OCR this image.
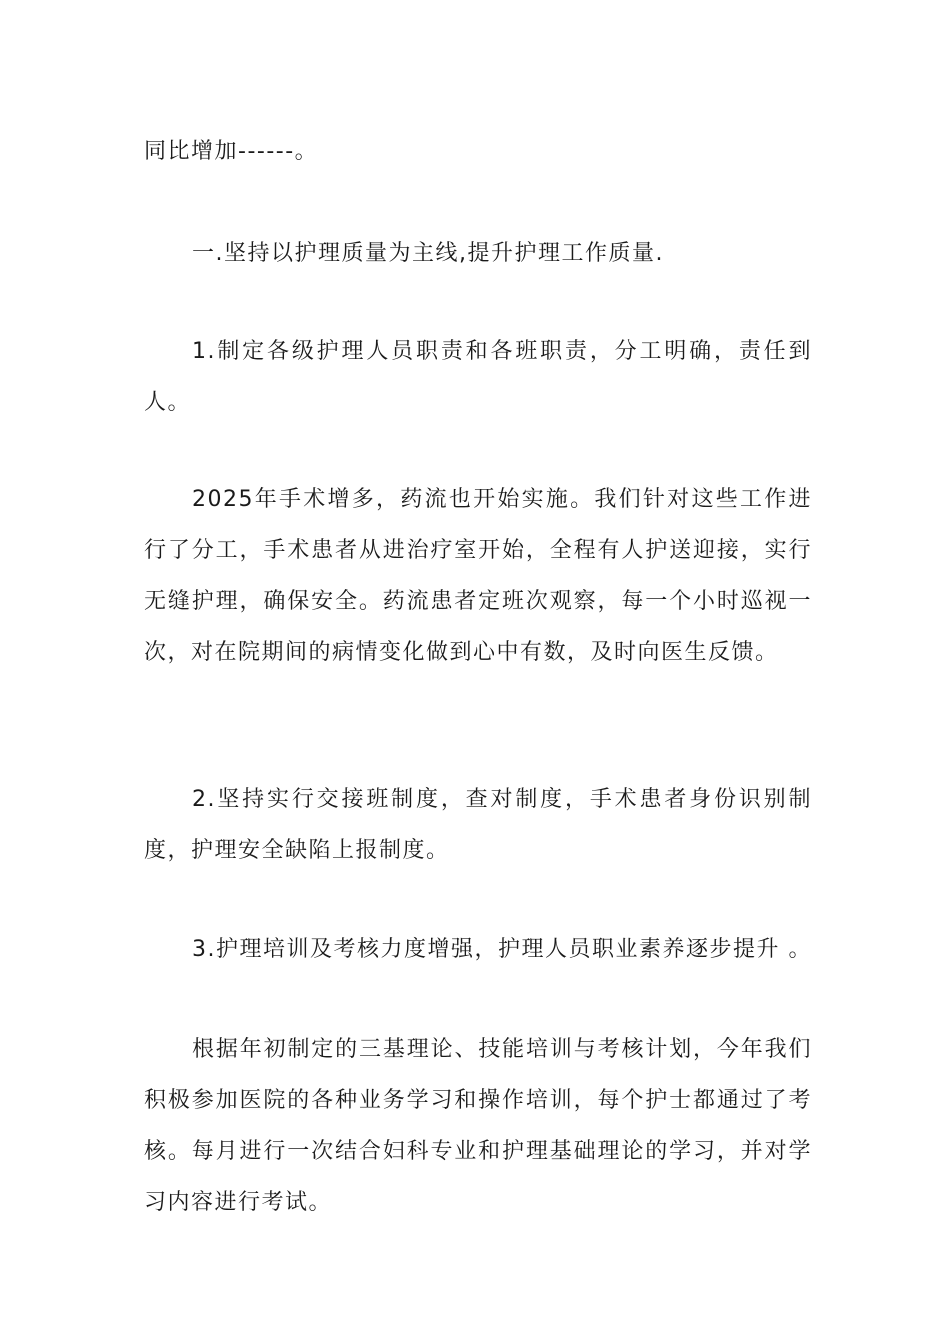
同比增加------。

一.坚持以护理质量为主线,提升护理工作质量.

1.制定各级护理人员职责和各班职责，分工明确，责任到人。

2025年手术增多，药流也开始实施。我们针对这些工作进行了分工，手术患者从进治疗室开始，全程有人护送迎接，实行无缝护理，确保安全。药流患者定班次观察，每一个小时巡视一次，对在院期间的病情变化做到心中有数，及时向医生反馈。

2.坚持实行交接班制度，查对制度，手术患者身份识别制度，护理安全缺陷上报制度。

3.护理培训及考核力度增强，护理人员职业素养逐步提升 。

根据年初制定的三基理论、技能培训与考核计划，今年我们积极参加医院的各种业务学习和操作培训，每个护士都通过了考核。每月进行一次结合妇科专业和护理基础理论的学习，并对学习内容进行考试。
